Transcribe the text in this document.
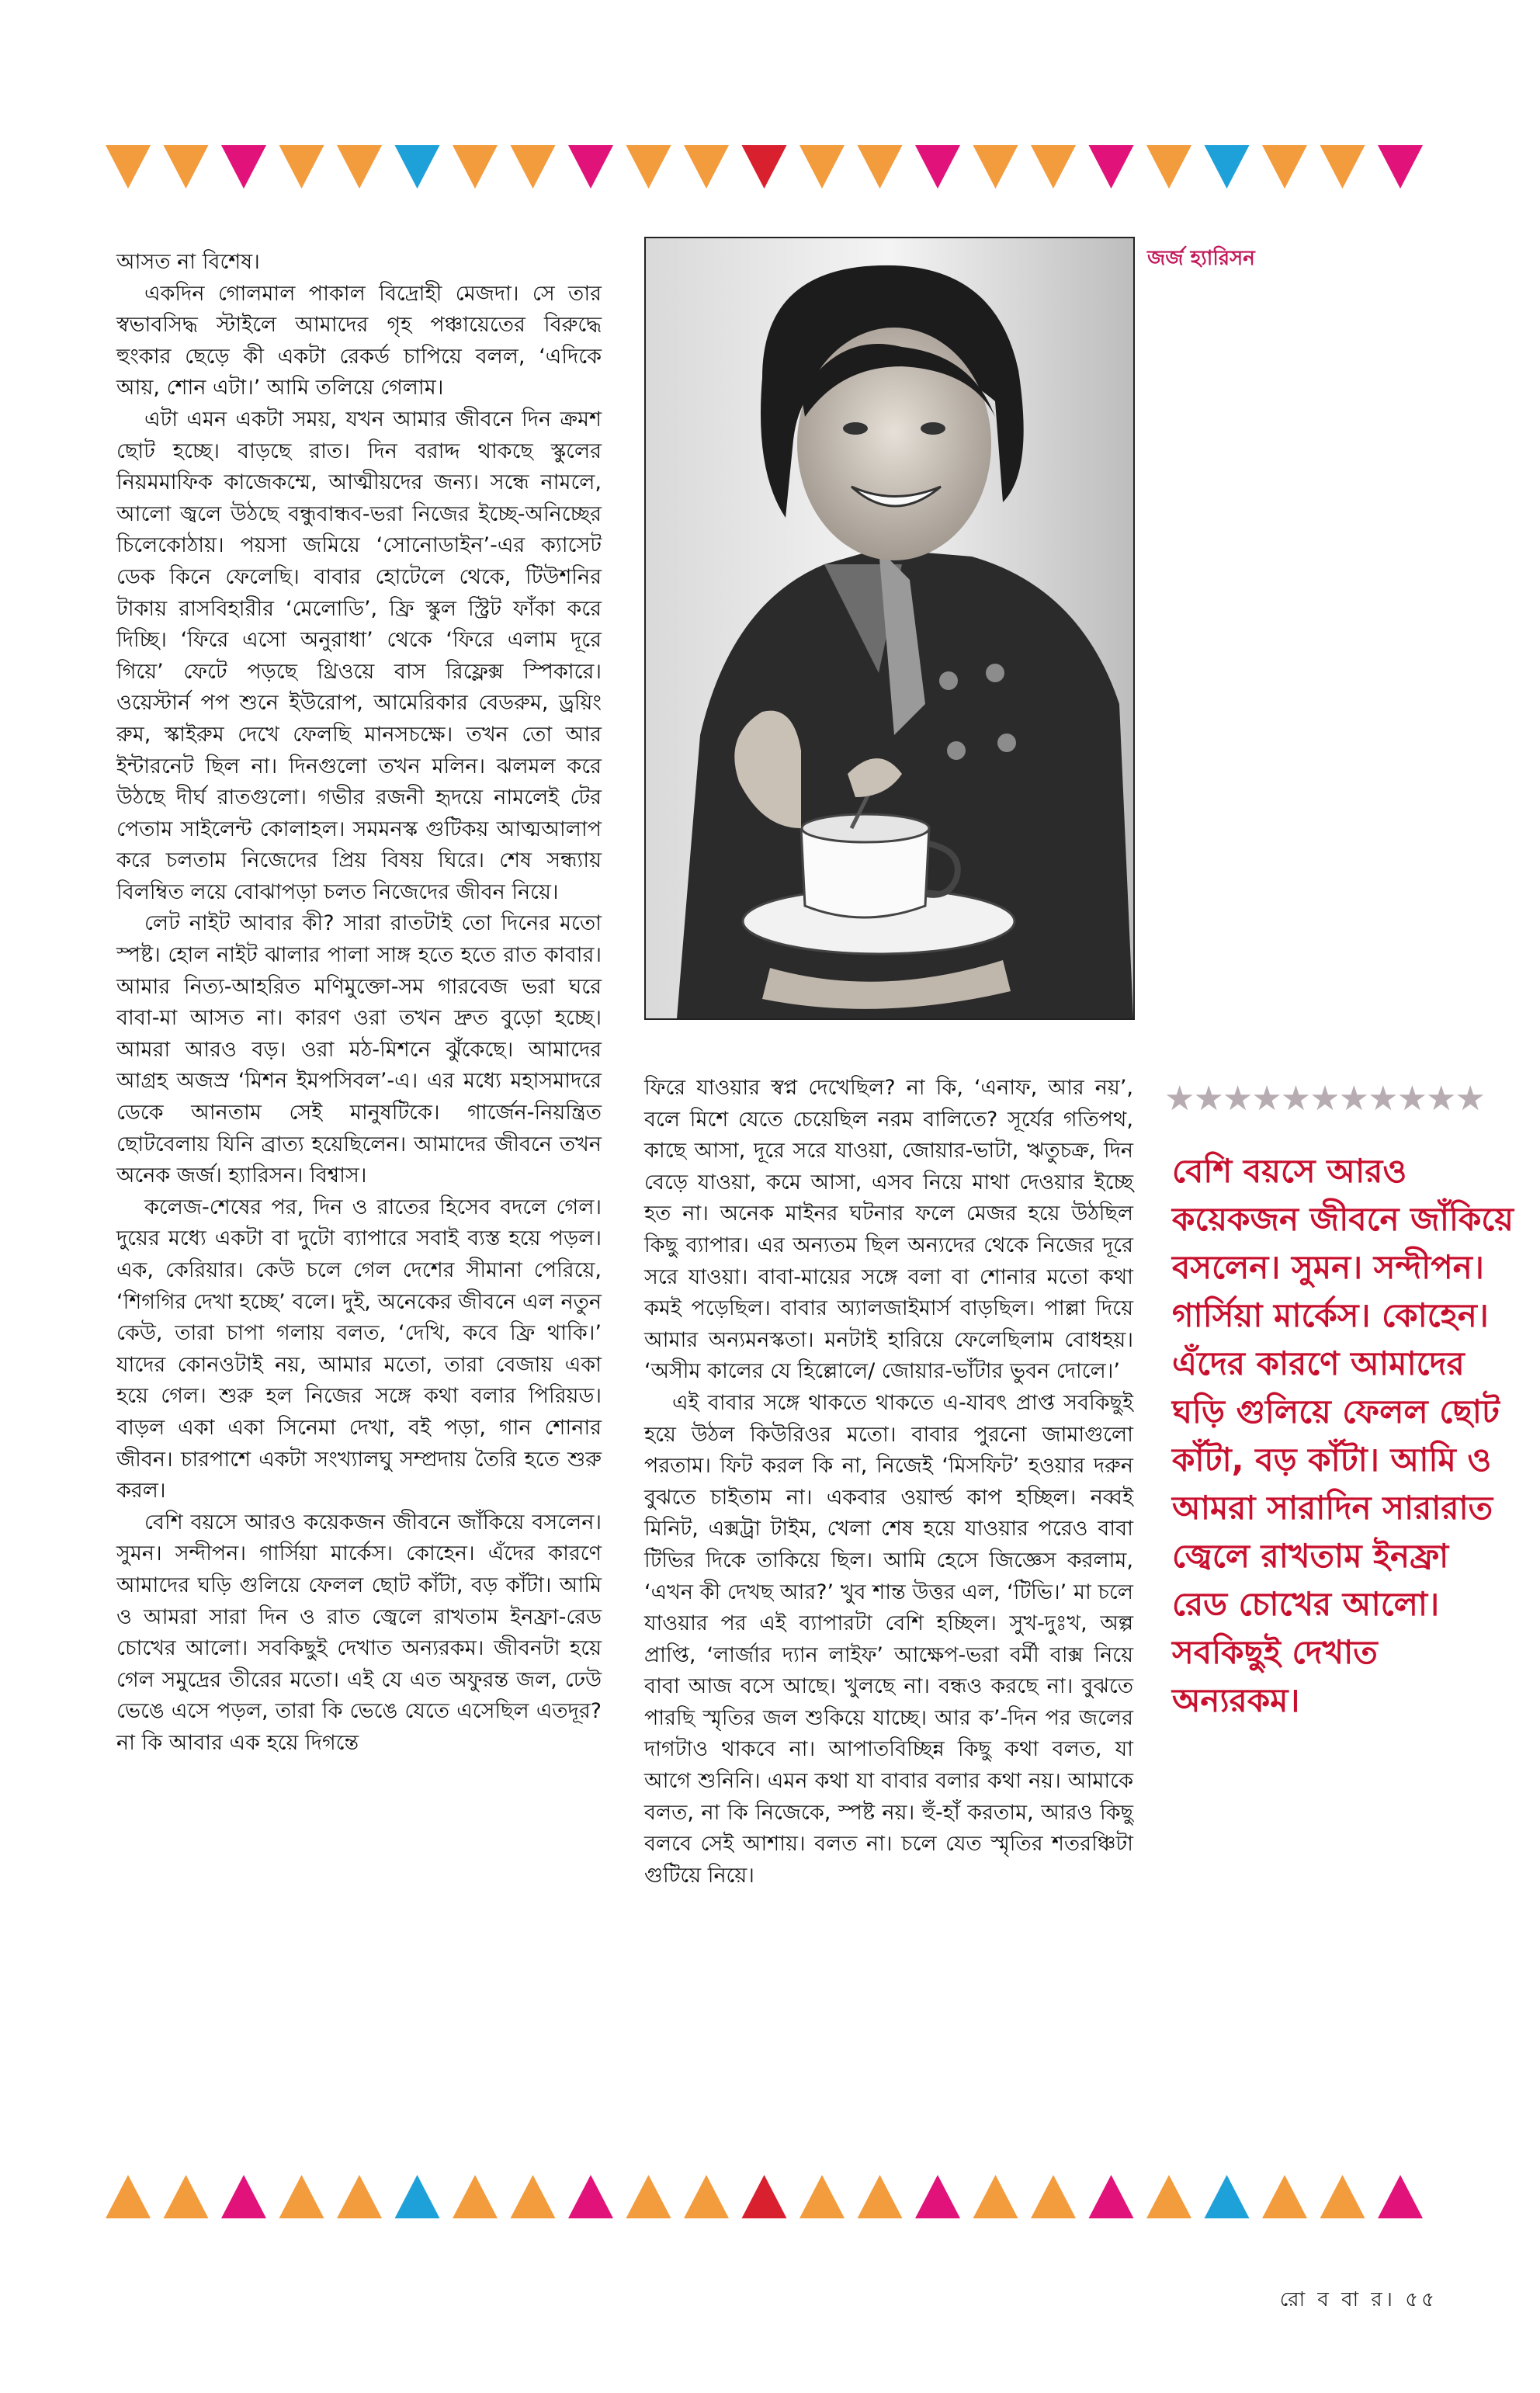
আসত না বিশেষ।

একদিন গোলমাল পাকাল বিদ্রোহী মেজদা। সে তার স্বভাবসিদ্ধ স্টাইলে আমাদের গৃহ পঞ্চায়েতের বিরুদ্ধে হুংকার ছেড়ে কী একটা রেকর্ড চাপিয়ে বলল, ‘এদিকে আয়, শোন এটা।’ আমি তলিয়ে গেলাম।

এটা এমন একটা সময়, যখন আমার জীবনে দিন ক্রমশ ছোট হচ্ছে। বাড়ছে রাত। দিন বরাদ্দ থাকছে স্কুলের নিয়মমাফিক কাজেকম্মে, আত্মীয়দের জন্য। সন্ধে নামলে, আলো জ্বলে উঠছে বন্ধুবান্ধব-ভরা নিজের ইচ্ছে-অনিচ্ছের চিলেকোঠায়। পয়সা জমিয়ে ‘সোনোডাইন’-এর ক্যাসেট ডেক কিনে ফেলেছি। বাবার হোটেলে থেকে, টিউশনির টাকায় রাসবিহারীর ‘মেলোডি’, ফ্রি স্কুল স্ট্রিট ফাঁকা করে দিচ্ছি। ‘ফিরে এসো অনুরাধা’ থেকে ‘ফিরে এলাম দূরে গিয়ে’ ফেটে পড়ছে থ্রিওয়ে বাস রিফ্লেক্স স্পিকারে। ওয়েস্টার্ন পপ শুনে ইউরোপ, আমেরিকার বেডরুম, ড্রয়িং রুম, স্কাইরুম দেখে ফেলছি মানসচক্ষে। তখন তো আর ইন্টারনেট ছিল না। দিনগুলো তখন মলিন। ঝলমল করে উঠছে দীর্ঘ রাতগুলো। গভীর রজনী হৃদয়ে নামলেই টের পেতাম সাইলেন্ট কোলাহল। সমমনস্ক গুটিকয় আত্মআলাপ করে চলতাম নিজেদের প্রিয় বিষয় ঘিরে। শেষ সন্ধ্যায় বিলম্বিত লয়ে বোঝাপড়া চলত নিজেদের জীবন নিয়ে।

লেট নাইট আবার কী? সারা রাতটাই তো দিনের মতো স্পষ্ট। হোল নাইট ঝালার পালা সাঙ্গ হতে হতে রাত কাবার। আমার নিত্য-আহরিত মণিমুক্তো-সম গারবেজ ভরা ঘরে বাবা-মা আসত না। কারণ ওরা তখন দ্রুত বুড়ো হচ্ছে। আমরা আরও বড়। ওরা মঠ-মিশনে ঝুঁকেছে। আমাদের আগ্রহ অজস্র ‘মিশন ইমপসিবল’-এ। এর মধ্যে মহাসমাদরে ডেকে আনতাম সেই মানুষটিকে। গার্জেন-নিয়ন্ত্রিত ছোটবেলায় যিনি ব্রাত্য হয়েছিলেন। আমাদের জীবনে তখন অনেক জর্জ। হ্যারিসন। বিশ্বাস।

কলেজ-শেষের পর, দিন ও রাতের হিসেব বদলে গেল। দুয়ের মধ্যে একটা বা দুটো ব্যাপারে সবাই ব্যস্ত হয়ে পড়ল। এক, কেরিয়ার। কেউ চলে গেল দেশের সীমানা পেরিয়ে, ‘শিগগির দেখা হচ্ছে’ বলে। দুই, অনেকের জীবনে এল নতুন কেউ, তারা চাপা গলায় বলত, ‘দেখি, কবে ফ্রি থাকি।’ যাদের কোনওটাই নয়, আমার মতো, তারা বেজায় একা হয়ে গেল। শুরু হল নিজের সঙ্গে কথা বলার পিরিয়ড। বাড়ল একা একা সিনেমা দেখা, বই পড়া, গান শোনার জীবন। চারপাশে একটা সংখ্যালঘু সম্প্রদায় তৈরি হতে শুরু করল।

বেশি বয়সে আরও কয়েকজন জীবনে জাঁকিয়ে বসলেন। সুমন। সন্দীপন। গার্সিয়া মার্কেস। কোহেন। এঁদের কারণে আমাদের ঘড়ি গুলিয়ে ফেলল ছোট কাঁটা, বড় কাঁটা। আমি ও আমরা সারা দিন ও রাত জ্বেলে রাখতাম ইনফ্রা-রেড চোখের আলো। সবকিছুই দেখাত অন্যরকম। জীবনটা হয়ে গেল সমুদ্রের তীরের মতো। এই যে এত অফুরন্ত জল, ঢেউ ভেঙে এসে পড়ল, তারা কি ভেঙে যেতে এসেছিল এতদূর? না কি আবার এক হয়ে দিগন্তে

জর্জ হ্যারিসন
★★★★★★★★★★★
বেশি বয়সে আরও কয়েকজন জীবনে জাঁকিয়ে বসলেন। সুমন। সন্দীপন। গার্সিয়া মার্কেস। কোহেন। এঁদের কারণে আমাদের ঘড়ি গুলিয়ে ফেলল ছোট কাঁটা, বড় কাঁটা। আমি ও আমরা সারাদিন সারারাত জ্বেলে রাখতাম ইনফ্রা রেড চোখের আলো। সবকিছুই দেখাত অন্যরকম।

ফিরে যাওয়ার স্বপ্ন দেখেছিল? না কি, ‘এনাফ, আর নয়’, বলে মিশে যেতে চেয়েছিল নরম বালিতে? সূর্যের গতিপথ, কাছে আসা, দূরে সরে যাওয়া, জোয়ার-ভাটা, ঋতুচক্র, দিন বেড়ে যাওয়া, কমে আসা, এসব নিয়ে মাথা দেওয়ার ইচ্ছে হত না। অনেক মাইনর ঘটনার ফলে মেজর হয়ে উঠছিল কিছু ব্যাপার। এর অন্যতম ছিল অন্যদের থেকে নিজের দূরে সরে যাওয়া। বাবা-মায়ের সঙ্গে বলা বা শোনার মতো কথা কমই পড়েছিল। বাবার অ্যালজাইমার্স বাড়ছিল। পাল্লা দিয়ে আমার অন্যমনস্কতা। মনটাই হারিয়ে ফেলেছিলাম বোধহয়। ‘অসীম কালের যে হিল্লোলে/ জোয়ার-ভাঁটার ভুবন দোলে।’

এই বাবার সঙ্গে থাকতে থাকতে এ-যাবৎ প্রাপ্ত সবকিছুই হয়ে উঠল কিউরিওর মতো। বাবার পুরনো জামাগুলো পরতাম। ফিট করল কি না, নিজেই ‘মিসফিট’ হওয়ার দরুন বুঝতে চাইতাম না। একবার ওয়ার্ল্ড কাপ হচ্ছিল। নব্বই মিনিট, এক্সট্রা টাইম, খেলা শেষ হয়ে যাওয়ার পরেও বাবা টিভির দিকে তাকিয়ে ছিল। আমি হেসে জিজ্ঞেস করলাম, ‘এখন কী দেখছ আর?’ খুব শান্ত উত্তর এল, ‘টিভি।’ মা চলে যাওয়ার পর এই ব্যাপারটা বেশি হচ্ছিল। সুখ-দুঃখ, অল্প প্রাপ্তি, ‘লার্জার দ্যান লাইফ’ আক্ষেপ-ভরা বর্মী বাক্স নিয়ে বাবা আজ বসে আছে। খুলছে না। বন্ধও করছে না। বুঝতে পারছি স্মৃতির জল শুকিয়ে যাচ্ছে। আর ক’-দিন পর জলের দাগটাও থাকবে না। আপাতবিচ্ছিন্ন কিছু কথা বলত, যা আগে শুনিনি। এমন কথা যা বাবার বলার কথা নয়। আমাকে বলত, না কি নিজেকে, স্পষ্ট নয়। হুঁ-হাঁ করতাম, আরও কিছু বলবে সেই আশায়। বলত না। চলে যেত স্মৃতির শতরঞ্চিটা গুটিয়ে নিয়ে।

রো ব বা র। ৫৫
